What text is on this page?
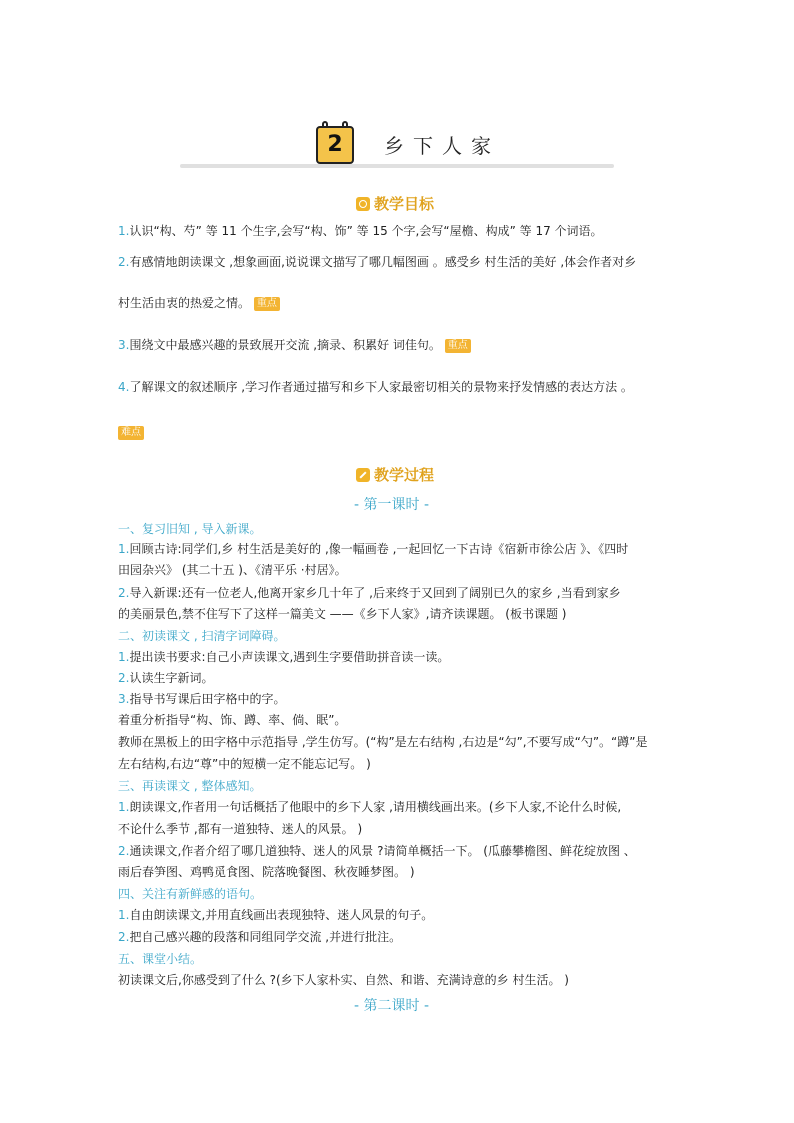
2	乡下人家
教学目标
1.认识“构、芍” 等 11 个生字,会写“构、饰” 等 15 个字,会写“屋檐、构成” 等 17 个词语。
2.有感情地朗读课文 ,想象画面,说说课文描写了哪几幅图画 。感受乡 村生活的美好 ,体会作者对乡
村生活由衷的热爱之情。 重点
3.围绕文中最感兴趣的景致展开交流 ,摘录、积累好 词佳句。 重点
4.了解课文的叙述顺序 ,学习作者通过描写和乡下人家最密切相关的景物来抒发情感的表达方法 。
难点
教学过程
- 第一课时 -
一、复习旧知 , 导入新课。
1.回顾古诗:同学们,乡 村生活是美好的 ,像一幅画卷 ,一起回忆一下古诗《宿新市徐公店 》、《四时
田园杂兴》 (其二十五 )、《清平乐 ·村居》。
2.导入新课:还有一位老人,他离开家乡几十年了 ,后来终于又回到了阔别已久的家乡 ,当看到家乡
的美丽景色,禁不住写下了这样一篇美文 ——《乡下人家》,请齐读课题。 (板书课题 )
二、初读课文 , 扫清字词障碍。
1.提出读书要求:自己小声读课文,遇到生字要借助拼音读一读。
2.认读生字新词。
3.指导书写课后田字格中的字。
着重分析指导“构、饰、蹲、率、倘、眠”。
教师在黑板上的田字格中示范指导 ,学生仿写。(“构”是左右结构 ,右边是“勾”,不要写成“勺”。“蹲”是
左右结构,右边“尊”中的短横一定不能忘记写。 )
三、再读课文 , 整体感知。
1.朗读课文,作者用一句话概括了他眼中的乡下人家 ,请用横线画出来。(乡下人家,不论什么时候,
不论什么季节 ,都有一道独特、迷人的风景。 )
2.通读课文,作者介绍了哪几道独特、迷人的风景 ?请简单概括一下。 (瓜藤攀檐图、鲜花绽放图 、
雨后春笋图、鸡鸭觅食图、院落晚餐图、秋夜睡梦图。 )
四、关注有新鲜感的语句。
1.自由朗读课文,并用直线画出表现独特、迷人风景的句子。
2.把自己感兴趣的段落和同组同学交流 ,并进行批注。
五、课堂小结。
初读课文后,你感受到了什么 ?(乡下人家朴实、自然、和谐、充满诗意的乡 村生活。 )
- 第二课时 -
